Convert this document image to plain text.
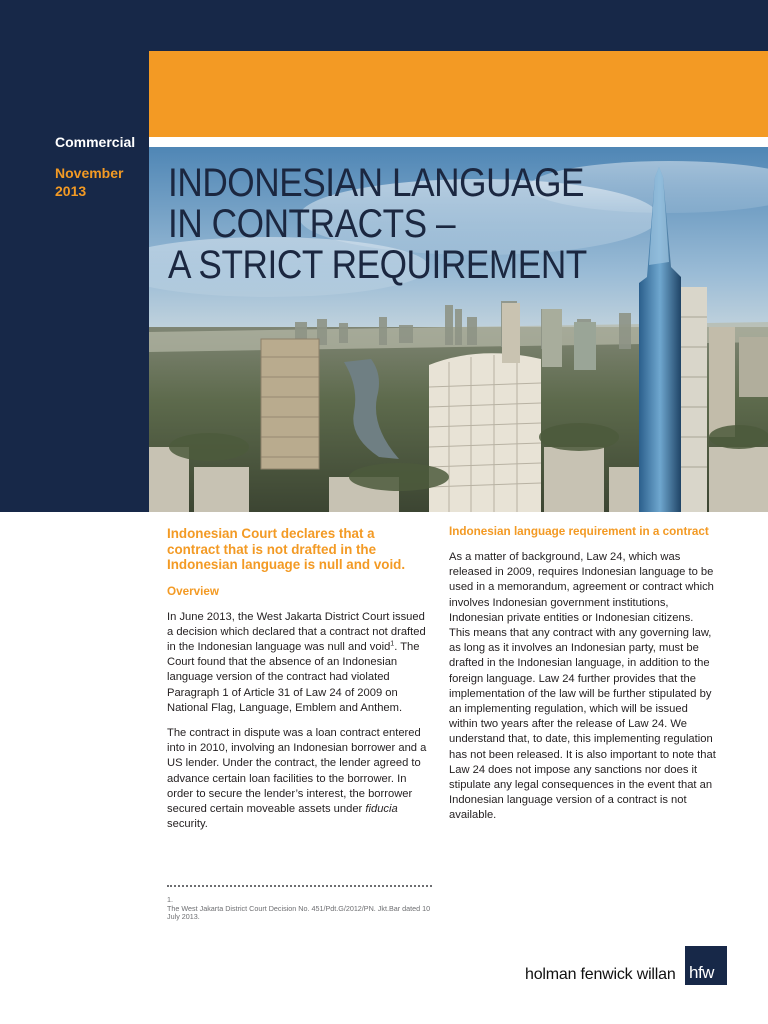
Commercial
November 2013	INDONESIAN LANGUAGE
IN CONTRACTS –
A STRICT REQUIREMENT

Indonesian Court declares that a contract that is not drafted in the Indonesian language is null and void.

Overview

In June 2013, the West Jakarta District Court issued a decision which declared that a contract not drafted in the Indonesian language was null and void$^1$. The Court found that the absence of an Indonesian language version of the contract had violated Paragraph 1 of Article 31 of Law 24 of 2009 on National Flag, Language, Emblem and Anthem.

The contract in dispute was a loan contract entered into in 2010, involving an Indonesian borrower and a US lender. Under the contract, the lender agreed to advance certain loan facilities to the borrower. In order to secure the lender’s interest, the borrower secured certain moveable assets under fiducia security.

Indonesian language requirement in a contract

As a matter of background, Law 24, which was released in 2009, requires Indonesian language to be used in a memorandum, agreement or contract which involves Indonesian government institutions, Indonesian private entities or Indonesian citizens. This means that any contract with any governing law, as long as it involves an Indonesian party, must be drafted in the Indonesian language, in addition to the foreign language. Law 24 further provides that the implementation of the law will be further stipulated by an implementing regulation, which will be issued within two years after the release of Law 24. We understand that, to date, this implementing regulation has not been released. It is also important to note that Law 24 does not impose any sanctions nor does it stipulate any legal consequences in the event that an Indonesian language version of a contract is not available.

1. The West Jakarta District Court Decision No. 451/Pdt.G/2012/PN. Jkt.Bar dated 10 July 2013.
holman fenwick willan hfw
